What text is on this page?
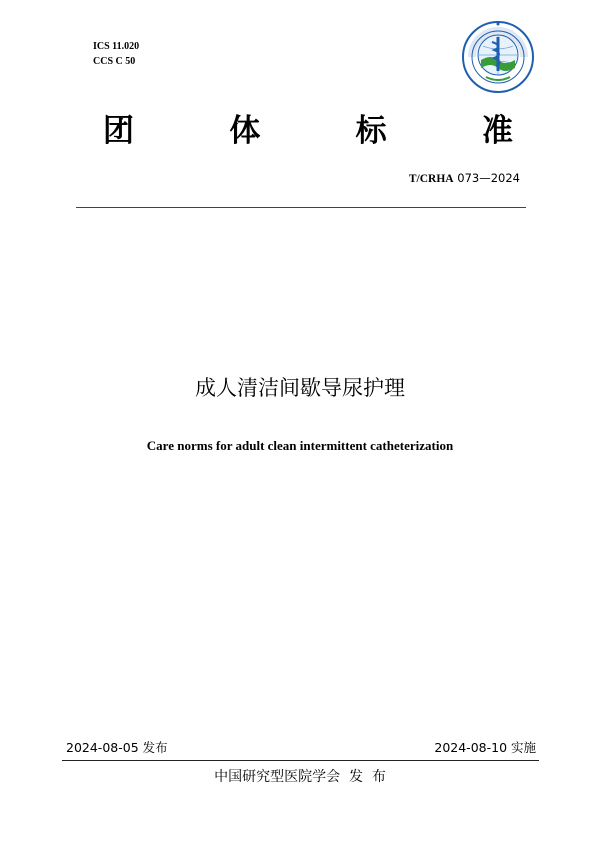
ICS 11.020
CCS C 50
团	体	标	准
T/CRHA 073—2024
成人清洁间歇导尿护理
Care norms for adult clean intermittent catheterization
2024-08-05 发布	2024-08-10 实施
中国研究型医院学会  发  布
